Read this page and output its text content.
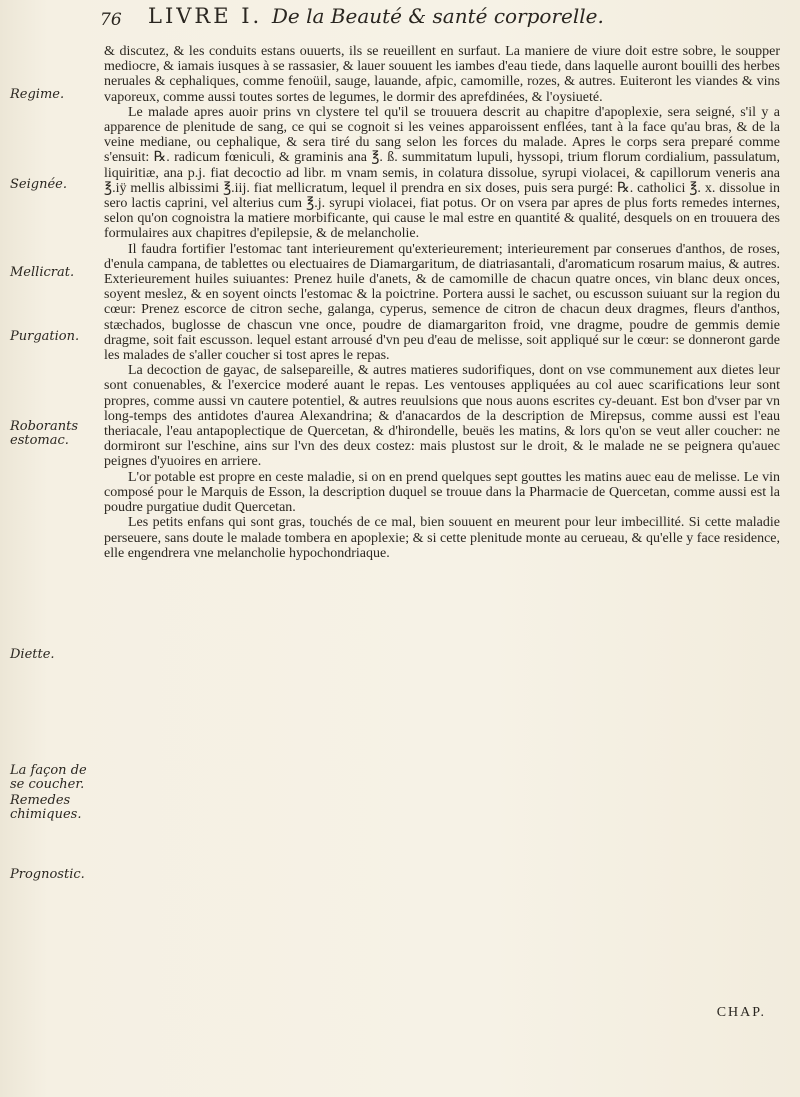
76 LIVRE I. De la Beauté & santé corporelle.
Regime.
Seignée.
Mellicrat.
Purgation.
Roborants estomac.
Diette.
La façon de se coucher.
Remedes chimiques.
Prognostic.

& discutez, & les conduits estans ouuerts, ils se reueillent en surfaut. La maniere de viure doit estre sobre, le soupper mediocre, & iamais iusques à se rassasier, & lauer souuent les iambes d'eau tiede, dans laquelle auront bouilli des herbes neruales & cephaliques, comme fenoüil, sauge, lauande, afpic, camomille, rozes, & autres. Euiteront les viandes & vins vaporeux, comme aussi toutes sortes de legumes, le dormir des aprefdinées, & l'oysiueté.

Le malade apres auoir prins vn clystere tel qu'il se trouuera descrit au chapitre d'apoplexie, sera seigné, s'il y a apparence de plenitude de sang, ce qui se cognoit si les veines apparoissent enflées, tant à la face qu'au bras, & de la veine mediane, ou cephalique, & sera tiré du sang selon les forces du malade. Apres le corps sera preparé comme s'ensuit: ℞. radicum fœniculi, & graminis ana ℥. ß. summitatum lupuli, hyssopi, trium florum cordialium, passulatum, liquiritiæ, ana p.j. fiat decoctio ad libr. m vnam semis, in colatura dissolue, syrupi violacei, & capillorum veneris ana ℥.iÿ mellis albissimi ℥.iij. fiat mellicratum, lequel il prendra en six doses, puis sera purgé: ℞. catholici ℥. x. dissolue in sero lactis caprini, vel alterius cum ℥.j. syrupi violacei, fiat potus. Or on vsera par apres de plus forts remedes internes, selon qu'on cognoistra la matiere morbificante, qui cause le mal estre en quantité & qualité, desquels on en trouuera des formulaires aux chapitres d'epilepsie, & de melancholie.

Il faudra fortifier l'estomac tant interieurement qu'exterieurement; interieurement par conserues d'anthos, de roses, d'enula campana, de tablettes ou electuaires de Diamargaritum, de diatriasantali, d'aromaticum rosarum maius, & autres. Exterieurement huiles suiuantes: Prenez huile d'anets, & de camomille de chacun quatre onces, vin blanc deux onces, soyent meslez, & en soyent oincts l'estomac & la poictrine. Portera aussi le sachet, ou escusson suiuant sur la region du cœur: Prenez escorce de citron seche, galanga, cyperus, semence de citron de chacun deux dragmes, fleurs d'anthos, stæchados, buglosse de chascun vne once, poudre de diamargariton froid, vne dragme, poudre de gemmis demie dragme, soit fait escusson. lequel estant arrousé d'vn peu d'eau de melisse, soit appliqué sur le cœur: se donneront garde les malades de s'aller coucher si tost apres le repas.

La decoction de gayac, de salsepareille, & autres matieres sudorifiques, dont on vse communement aux dietes leur sont conuenables, & l'exercice moderé auant le repas. Les ventouses appliquées au col auec scarifications leur sont propres, comme aussi vn cautere potentiel, & autres reuulsions que nous auons escrites cy-deuant. Est bon d'vser par vn long-temps des antidotes d'aurea Alexandrina; & d'anacardos de la description de Mirepsus, comme aussi est l'eau theriacale, l'eau antapoplectique de Quercetan, & d'hirondelle, beuës les matins, & lors qu'on se veut aller coucher: ne dormiront sur l'eschine, ains sur l'vn des deux costez: mais plustost sur le droit, & le malade ne se peignera qu'auec peignes d'yuoires en arriere.

L'or potable est propre en ceste maladie, si on en prend quelques sept gouttes les matins auec eau de melisse. Le vin composé pour le Marquis de Esson, la description duquel se trouue dans la Pharmacie de Quercetan, comme aussi est la poudre purgatiue dudit Quercetan.

Les petits enfans qui sont gras, touchés de ce mal, bien souuent en meurent pour leur imbecillité. Si cette maladie perseuere, sans doute le malade tombera en apoplexie; & si cette plenitude monte au cerueau, & qu'elle y face residence, elle engendrera vne melancholie hypochondriaque.

CHAP.
